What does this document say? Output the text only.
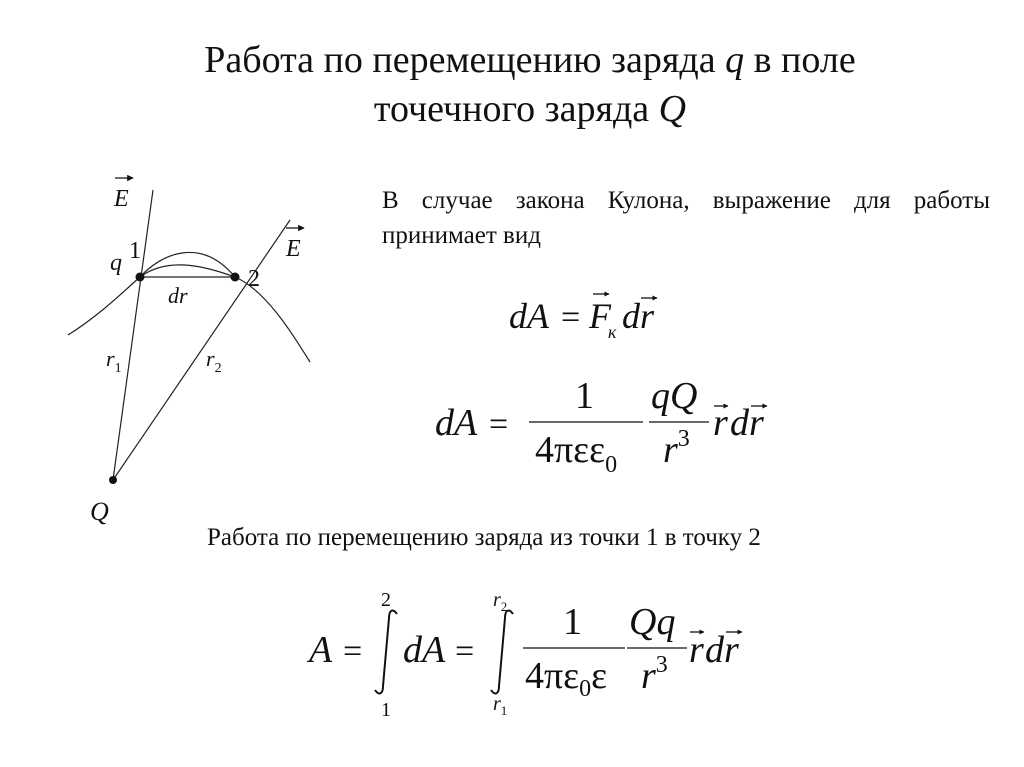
Работа по перемещению заряда q в поле
точечного заряда Q
E
E
q 1
2
dr
$r_1$	$r_2$
Q
В случае закона Кулона, выражение для работы принимает вид
dA = F
к dr
dA =
1
4πεε$_0$
qQ
$r^3$ r dr
Работа по перемещению заряда из точки 1 в точку 2
A =
2
1
dA =
$r_2$
$r_1$
1
$4\pi\varepsilon_0\varepsilon$
Qq
$r^3$ r dr
